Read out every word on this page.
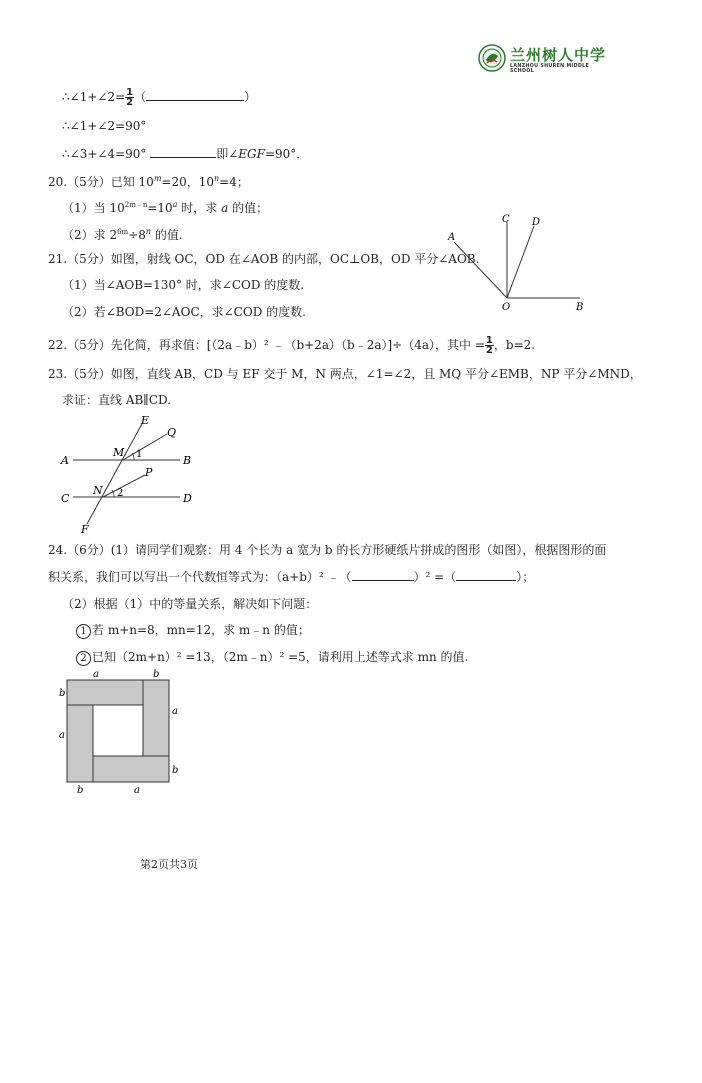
兰州树人中学
LANZHOU SHUREN MIDDLE SCHOOL
∴∠1+∠2= $\frac{1}{2}$ （	）
∴∠1+∠2=90°
∴∠3+∠4=90°	即∠EGF=90°．
20.（5分）已知 $10^m=20$，$10^n=4$；
（1）当 $10^{2m﹣n}=10^a$ 时，求 a 的值；
（2）求 $2^{6m}\div 8^n$ 的值.
21.（5分）如图，射线 OC，OD 在∠AOB 的内部，OC⊥OB，OD 平分∠AOB.
（1）当∠AOB=130° 时，求∠COD 的度数.
（2）若∠BOD=2∠AOC，求∠COD 的度数.
A
C D
O	B
22.（5分）先化简，再求值：[（2a﹣b）² ﹣（b+2a）（b﹣2a）]÷（4a），其中 = $\frac{1}{2}$ ，b=2.
23.（5分）如图，直线 AB，CD 与 EF 交于 M，N 两点，∠1=∠2，且 MQ 平分∠EMB，NP 平分∠MND，
求证：直线 AB∥CD.
A	B
C	D
E
F
M
N
Q
P
1
2
24.（6分）(1）请同学们观察：用 4 个长为 a 宽为 b 的长方形硬纸片拼成的图形（如图），根据图形的面
积关系，我们可以写出一个代数恒等式为：（a+b）² ﹣（	）² =（	）；
（2）根据（1）中的等量关系，解决如下问题：
1 若 m+n=8，mn=12，求 m﹣n 的值；
2 已知（2m+n）² =13，（2m﹣n）² =5，请利用上述等式求 mn 的值.
a	b
b
a
a
b
b	a
第2页共3页
